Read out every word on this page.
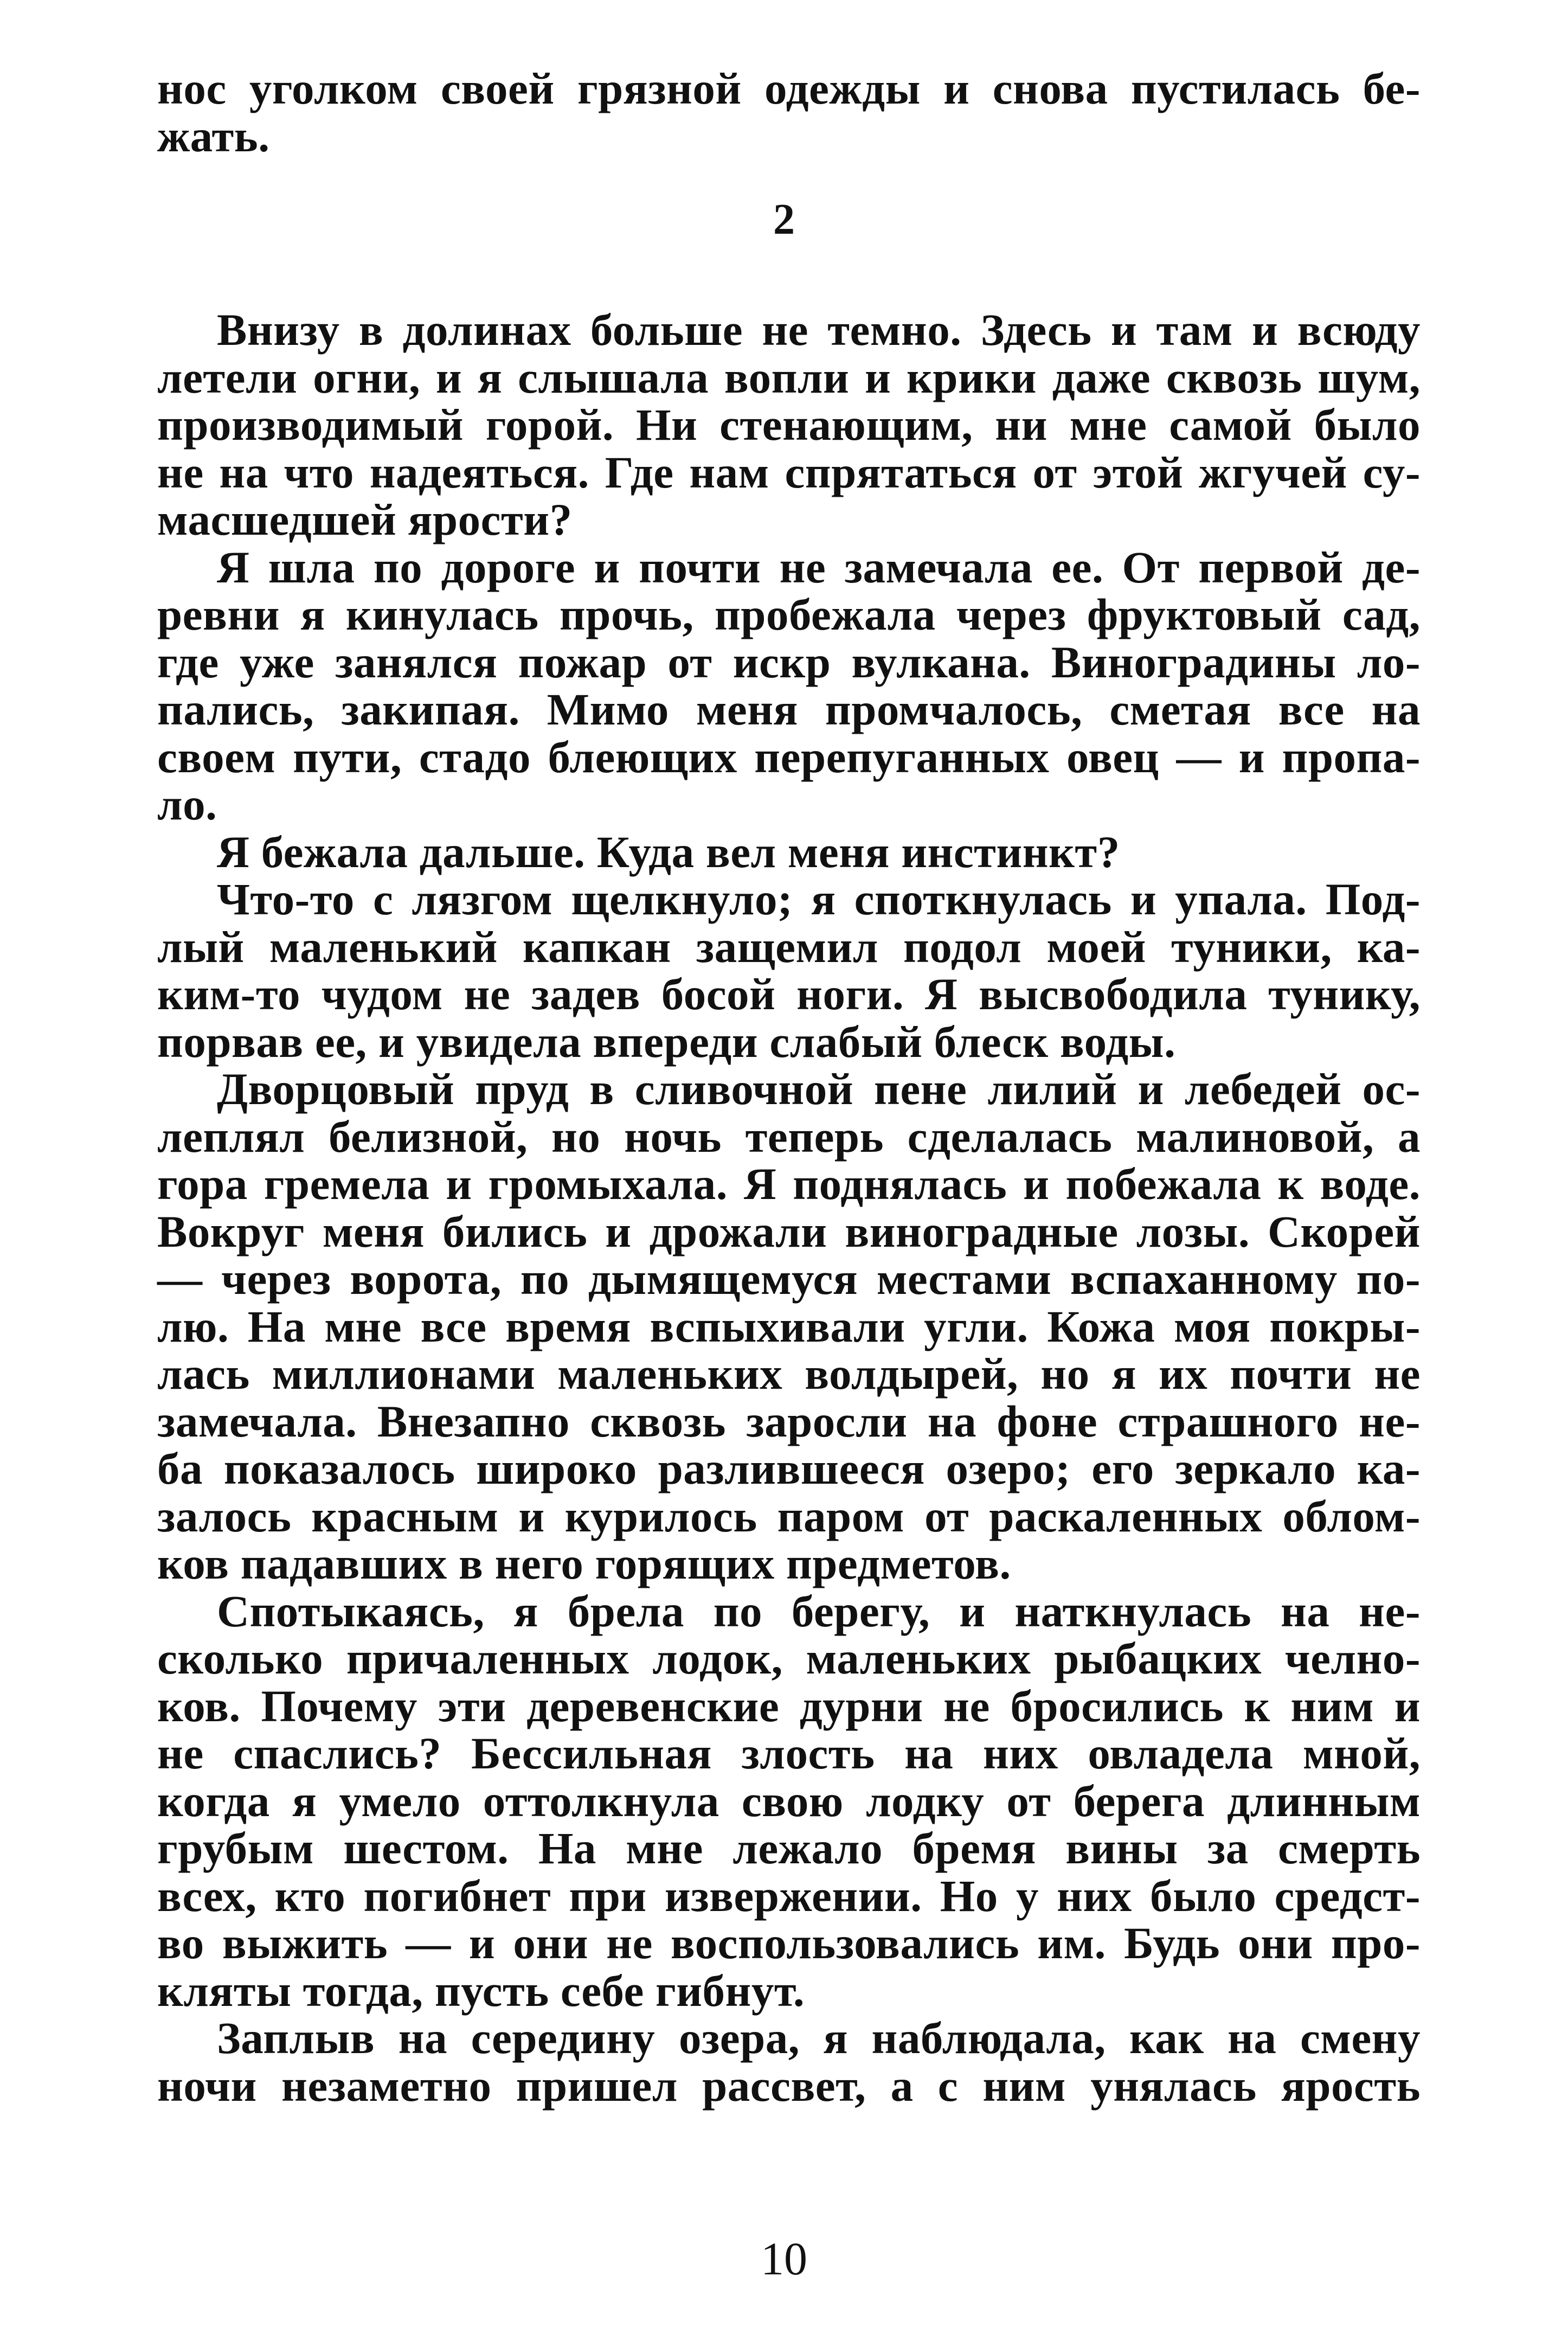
нос уголком своей грязной одежды и снова пустилась бе-
жать.
2
Внизу в долинах больше не темно. Здесь и там и всюду
летели огни, и я слышала вопли и крики даже сквозь шум,
производимый горой. Ни стенающим, ни мне самой было
не на что надеяться. Где нам спрятаться от этой жгучей су-
масшедшей ярости?
Я шла по дороге и почти не замечала ее. От первой де-
ревни я кинулась прочь, пробежала через фруктовый сад,
где уже занялся пожар от искр вулкана. Виноградины ло-
пались, закипая. Мимо меня промчалось, сметая все на
своем пути, стадо блеющих перепуганных овец — и пропа-
ло.
Я бежала дальше. Куда вел меня инстинкт?
Что-то с лязгом щелкнуло; я споткнулась и упала. Под-
лый маленький капкан защемил подол моей туники, ка-
ким-то чудом не задев босой ноги. Я высвободила тунику,
порвав ее, и увидела впереди слабый блеск воды.
Дворцовый пруд в сливочной пене лилий и лебедей ос-
леплял белизной, но ночь теперь сделалась малиновой, а
гора гремела и громыхала. Я поднялась и побежала к воде.
Вокруг меня бились и дрожали виноградные лозы. Скорей
— через ворота, по дымящемуся местами вспаханному по-
лю. На мне все время вспыхивали угли. Кожа моя покры-
лась миллионами маленьких волдырей, но я их почти не
замечала. Внезапно сквозь заросли на фоне страшного не-
ба показалось широко разлившееся озеро; его зеркало ка-
залось красным и курилось паром от раскаленных облом-
ков падавших в него горящих предметов.
Спотыкаясь, я брела по берегу, и наткнулась на не-
сколько причаленных лодок, маленьких рыбацких челно-
ков. Почему эти деревенские дурни не бросились к ним и
не спаслись? Бессильная злость на них овладела мной,
когда я умело оттолкнула свою лодку от берега длинным
грубым шестом. На мне лежало бремя вины за смерть
всех, кто погибнет при извержении. Но у них было средст-
во выжить — и они не воспользовались им. Будь они про-
кляты тогда, пусть себе гибнут.
Заплыв на середину озера, я наблюдала, как на смену
ночи незаметно пришел рассвет, а с ним унялась ярость
10
